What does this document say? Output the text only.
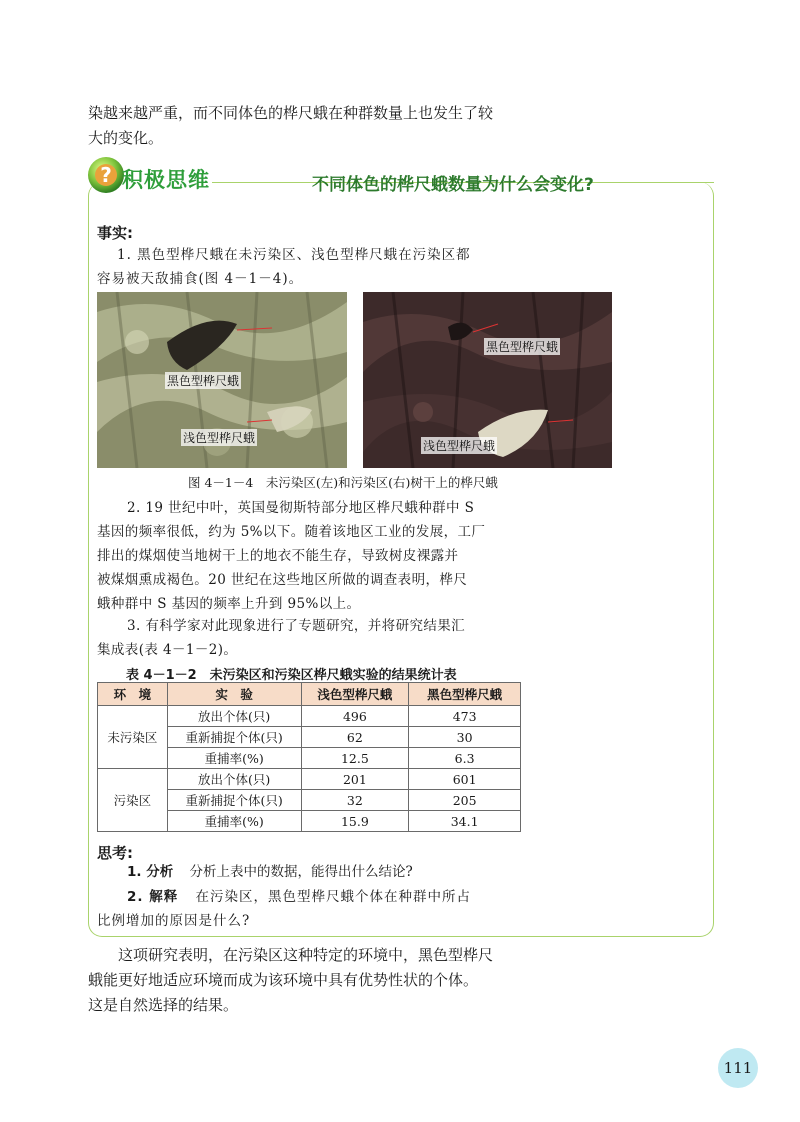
染越来越严重，而不同体色的桦尺蛾在种群数量上也发生了较
大的变化。
? 积极思维	不同体色的桦尺蛾数量为什么会变化?
事实:
1. 黑色型桦尺蛾在未污染区、浅色型桦尺蛾在污染区都
容易被天敌捕食(图 4－1－4)。
黑色型桦尺蛾
浅色型桦尺蛾
黑色型桦尺蛾
浅色型桦尺蛾
图 4－1－4　未污染区(左)和污染区(右)树干上的桦尺蛾
2. 19 世纪中叶，英国曼彻斯特部分地区桦尺蛾种群中 S
基因的频率很低，约为 5%以下。随着该地区工业的发展，工厂
排出的煤烟使当地树干上的地衣不能生存，导致树皮裸露并
被煤烟熏成褐色。20 世纪在这些地区所做的调查表明，桦尺
蛾种群中 S 基因的频率上升到 95%以上。
3. 有科学家对此现象进行了专题研究，并将研究结果汇
集成表(表 4－1－2)。
表 4－1－2　未污染区和污染区桦尺蛾实验的结果统计表
环　境	实　验	浅色型桦尺蛾	黑色型桦尺蛾
未污染区	放出个体(只)	496	473
	重新捕捉个体(只)	62	30
	重捕率(%)	12.5	6.3
污染区	放出个体(只)	201	601
	重新捕捉个体(只)	32	205
	重捕率(%)	15.9	34.1
思考:
1. 分析 分析上表中的数据，能得出什么结论?
2. 解释 在污染区，黑色型桦尺蛾个体在种群中所占
比例增加的原因是什么?
这项研究表明，在污染区这种特定的环境中，黑色型桦尺
蛾能更好地适应环境而成为该环境中具有优势性状的个体。
这是自然选择的结果。
111
